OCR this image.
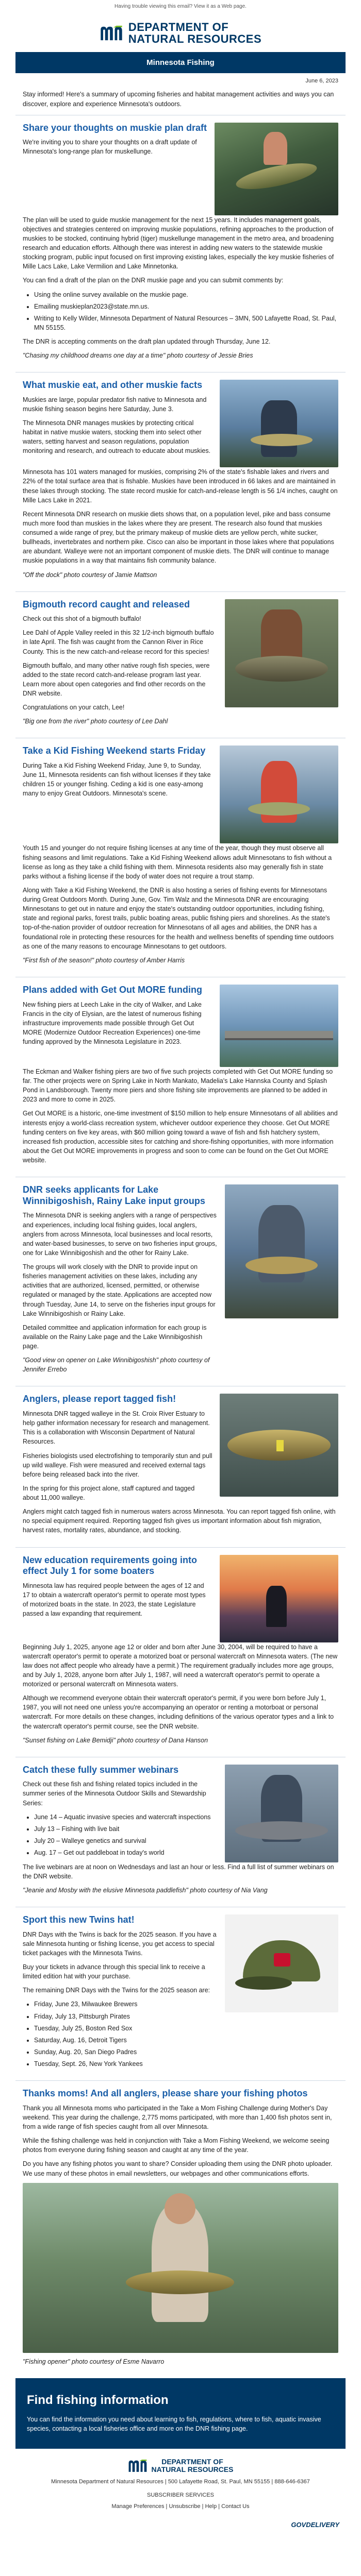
Having trouble viewing this email? View it as a Web page.
DEPARTMENT OF
NATURAL RESOURCES
Minnesota Fishing
June 6, 2023

Stay informed! Here's a summary of upcoming fisheries and habitat management activities and ways you can discover, explore and experience Minnesota's outdoors.

Share your thoughts on muskie plan draft

We're inviting you to share your thoughts on a draft update of Minnesota's long-range plan for muskellunge.

The plan will be used to guide muskie management for the next 15 years. It includes management goals, objectives and strategies centered on improving muskie populations, refining approaches to the production of muskies to be stocked, continuing hybrid (tiger) muskellunge management in the metro area, and broadening research and education efforts. Although there was interest in adding new waters to the statewide muskie stocking program, public input focused on first improving existing lakes, especially the key muskie fisheries of Mille Lacs Lake, Lake Vermilion and Lake Minnetonka.

You can find a draft of the plan on the DNR muskie page and you can submit comments by:

• Using the online survey available on the muskie page.
• Emailing muskieplan2023@state.mn.us.
• Writing to Kelly Wilder, Minnesota Department of Natural Resources – 3MN, 500 Lafayette Road, St. Paul, MN 55155.

The DNR is accepting comments on the draft plan updated through Thursday, June 12.

"Chasing my childhood dreams one day at a time" photo courtesy of Jessie Bries

What muskie eat, and other muskie facts

Muskies are large, popular predator fish native to Minnesota and muskie fishing season begins here Saturday, June 3.

The Minnesota DNR manages muskies by protecting critical habitat in native muskie waters, stocking them into select other waters, setting harvest and season regulations, population monitoring and research, and outreach to educate about muskies.

Minnesota has 101 waters managed for muskies, comprising 2% of the state's fishable lakes and rivers and 22% of the total surface area that is fishable. Muskies have been introduced in 66 lakes and are maintained in these lakes through stocking. The state record muskie for catch-and-release length is 56 1/4 inches, caught on Mille Lacs Lake in 2021.

Recent Minnesota DNR research on muskie diets shows that, on a population level, pike and bass consume much more food than muskies in the lakes where they are present. The research also found that muskies consumed a wide range of prey, but the primary makeup of muskie diets are yellow perch, white sucker, bullheads, invertebrates and northern pike. Cisco can also be important in those lakes where that populations are abundant. Walleye were not an important component of muskie diets. The DNR will continue to manage muskie populations in a way that maintains fish community balance.

"Off the dock" photo courtesy of Jamie Mattson

Bigmouth record caught and released

Check out this shot of a bigmouth buffalo!

Lee Dahl of Apple Valley reeled in this 32 1/2-inch bigmouth buffalo in late April. The fish was caught from the Cannon River in Rice County. This is the new catch-and-release record for this species!

Bigmouth buffalo, and many other native rough fish species, were added to the state record catch-and-release program last year. Learn more about open categories and find other records on the DNR website.

Congratulations on your catch, Lee!

"Big one from the river" photo courtesy of Lee Dahl

Take a Kid Fishing Weekend starts Friday

During Take a Kid Fishing Weekend Friday, June 9, to Sunday, June 11, Minnesota residents can fish without licenses if they take children 15 or younger fishing. Ceding a kid is one easy-among many to enjoy Great Outdoors. Minnesota's scene.

Youth 15 and younger do not require fishing licenses at any time of the year, though they must observe all fishing seasons and limit regulations. Take a Kid Fishing Weekend allows adult Minnesotans to fish without a license as long as they take a child fishing with them. Minnesota residents also may generally fish in state parks without a fishing license if the body of water does not require a trout stamp.

Along with Take a Kid Fishing Weekend, the DNR is also hosting a series of fishing events for Minnesotans during Great Outdoors Month. During June, Gov. Tim Walz and the Minnesota DNR are encouraging Minnesotans to get out in nature and enjoy the state's outstanding outdoor opportunities, including fishing, state and regional parks, forest trails, public boating areas, public fishing piers and shorelines. As the state's top-of-the-nation provider of outdoor recreation for Minnesotans of all ages and abilities, the DNR has a foundational role in protecting these resources for the health and wellness benefits of spending time outdoors as one of the many reasons to encourage Minnesotans to get outdoors.

"First fish of the season!" photo courtesy of Amber Harris

Plans added with Get Out MORE funding

New fishing piers at Leech Lake in the city of Walker, and Lake Francis in the city of Elysian, are the latest of numerous fishing infrastructure improvements made possible through Get Out MORE (Modernize Outdoor Recreation Experiences) one-time funding approved by the Minnesota Legislature in 2023.

The Eckman and Walker fishing piers are two of five such projects completed with Get Out MORE funding so far. The other projects were on Spring Lake in North Mankato, Madelia's Lake Hannska County and Splash Pond in Landsborough. Twenty more piers and shore fishing site improvements are planned to be added in 2023 and more to come in 2025.

Get Out MORE is a historic, one-time investment of $150 million to help ensure Minnesotans of all abilities and interests enjoy a world-class recreation system, whichever outdoor experience they choose. Get Out MORE funding centers on five key areas, with $60 million going toward a wave of fish and fish hatchery system, increased fish production, accessible sites for catching and shore-fishing opportunities, with more information about the Get Out MORE improvements in progress and soon to come can be found on the Get Out MORE website.

DNR seeks applicants for Lake Winnibigoshish, Rainy Lake input groups

The Minnesota DNR is seeking anglers with a range of perspectives and experiences, including local fishing guides, local anglers, anglers from across Minnesota, local businesses and local resorts, and water-based businesses, to serve on two fisheries input groups, one for Lake Winnibigoshish and the other for Rainy Lake.

The groups will work closely with the DNR to provide input on fisheries management activities on these lakes, including any activities that are authorized, licensed, permitted, or otherwise regulated or managed by the state. Applications are accepted now through Tuesday, June 14, to serve on the fisheries input groups for Lake Winnibigoshish or Rainy Lake.

Detailed committee and application information for each group is available on the Rainy Lake page and the Lake Winnibigoshish page.

"Good view on opener on Lake Winnibigoshish" photo courtesy of Jennifer Errebo

Anglers, please report tagged fish!

Minnesota DNR tagged walleye in the St. Croix River Estuary to help gather information necessary for research and management. This is a collaboration with Wisconsin Department of Natural Resources.

Fisheries biologists used electrofishing to temporarily stun and pull up wild walleye. Fish were measured and received external tags before being released back into the river.

In the spring for this project alone, staff captured and tagged about 11,000 walleye.

Anglers might catch tagged fish in numerous waters across Minnesota. You can report tagged fish online, with no special equipment required. Reporting tagged fish gives us important information about fish migration, harvest rates, mortality rates, abundance, and stocking.

New education requirements going into effect July 1 for some boaters

Minnesota law has required people between the ages of 12 and 17 to obtain a watercraft operator's permit to operate most types of motorized boats in the state. In 2023, the state Legislature passed a law expanding that requirement.

Beginning July 1, 2025, anyone age 12 or older and born after June 30, 2004, will be required to have a watercraft operator's permit to operate a motorized boat or personal watercraft on Minnesota waters. (The new law does not affect people who already have a permit.) The requirement gradually includes more age groups, and by July 1, 2028, anyone born after July 1, 1987, will need a watercraft operator's permit to operate a motorized or personal watercraft on Minnesota waters.

Although we recommend everyone obtain their watercraft operator's permit, if you were born before July 1, 1987, you will not need one unless you're accompanying an operator or renting a motorboat or personal watercraft. For more details on these changes, including definitions of the various operator types and a link to the watercraft operator's permit course, see the DNR website.

"Sunset fishing on Lake Bemidji" photo courtesy of Dana Hanson

Catch these fully summer webinars

Check out these fish and fishing related topics included in the summer series of the Minnesota Outdoor Skills and Stewardship Series:

• June 14 – Aquatic invasive species and watercraft inspections
• July 13 – Fishing with live bait
• July 20 – Walleye genetics and survival
• Aug. 17 – Get out paddleboat in today's world

The live webinars are at noon on Wednesdays and last an hour or less. Find a full list of summer webinars on the DNR website.

"Jeanie and Mosby with the elusive Minnesota paddlefish" photo courtesy of Nia Vang

Sport this new Twins hat!

DNR Days with the Twins is back for the 2025 season. If you have a sale Minnesota hunting or fishing license, you get access to special ticket packages with the Minnesota Twins.

Buy your tickets in advance through this special link to receive a limited edition hat with your purchase.

The remaining DNR Days with the Twins for the 2025 season are:

• Friday, June 23, Milwaukee Brewers
• Friday, July 13, Pittsburgh Pirates
• Tuesday, July 25, Boston Red Sox
• Saturday, Aug. 16, Detroit Tigers
• Sunday, Aug. 20, San Diego Padres
• Tuesday, Sept. 26, New York Yankees
Thanks moms! And all anglers, please share your fishing photos

Thank you all Minnesota moms who participated in the Take a Mom Fishing Challenge during Mother's Day weekend. This year during the challenge, 2,775 moms participated, with more than 1,400 fish photos sent in, from a wide range of fish species caught from all over Minnesota.

While the fishing challenge was held in conjunction with Take a Mom Fishing Weekend, we welcome seeing photos from everyone during fishing season and caught at any time of the year.

Do you have any fishing photos you want to share? Consider uploading them using the DNR photo uploader. We use many of these photos in email newsletters, our webpages and other communications efforts.

"Fishing opener" photo courtesy of Esme Navarro

Find fishing information

You can find the information you need about learning to fish, regulations, where to fish, aquatic invasive species, contacting a local fisheries office and more on the DNR fishing page.

DEPARTMENT OF
NATURAL RESOURCES
Minnesota Department of Natural Resources | 500 Lafayette Road, St. Paul, MN 55155 | 888-646-6367
SUBSCRIBER SERVICES
Manage Preferences | Unsubscribe | Help | Contact Us
GOVDELIVERY
